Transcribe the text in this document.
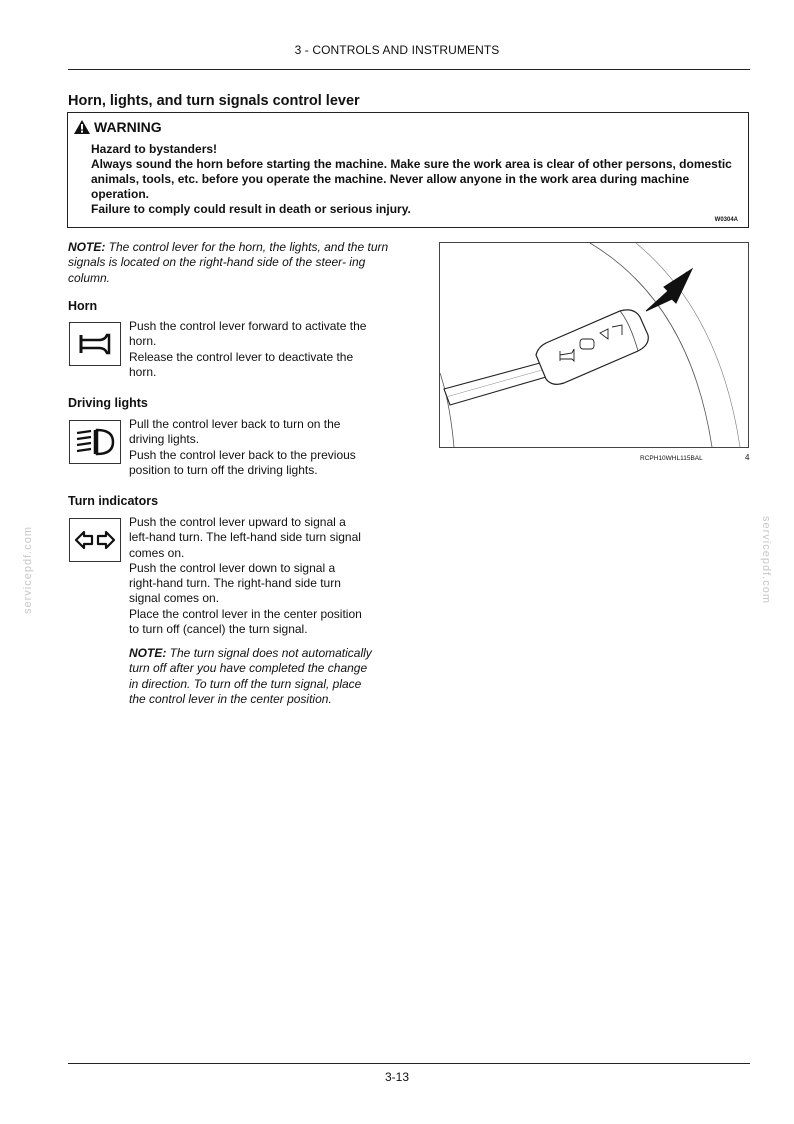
3 - CONTROLS AND INSTRUMENTS
Horn, lights, and turn signals control lever
WARNING
Hazard to bystanders!
Always sound the horn before starting the machine. Make sure the work area is clear of other persons, domestic animals, tools, etc. before you operate the machine. Never allow anyone in the work area during machine operation.
Failure to comply could result in death or serious injury.
W0304A
NOTE: The control lever for the horn, the lights, and the turn signals is located on the right-hand side of the steer- ing column.
Horn
Push the control lever forward to activate the
horn.
Release the control lever to deactivate the
horn.
Driving lights
Pull the control lever back to turn on the
driving lights.
Push the control lever back to the previous
position to turn off the driving lights.
Turn indicators
Push the control lever upward to signal a
left-hand turn. The left-hand side turn signal
comes on.
Push the control lever down to signal a
right-hand turn. The right-hand side turn
signal comes on.
Place the control lever in the center position
to turn off (cancel) the turn signal.
NOTE: The turn signal does not automatically
turn off after you have completed the change
in direction. To turn off the turn signal, place
the control lever in the center position.
RCPH10WHL115BAL	4
servicepdf.com	servicepdf.com
3-13
